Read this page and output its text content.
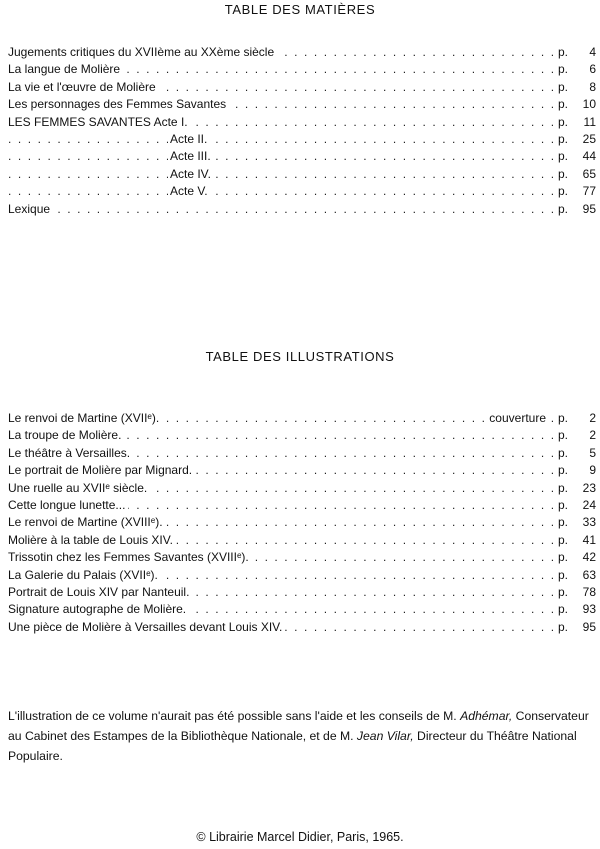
TABLE DES MATIÈRES
. . .
Jugements critiques du XVIIème au XXème siècle	p. 4
. . .
La langue de Molière	p. 6
. . .
La vie et l'œuvre de Molière	p. 8
. . .
Les personnages des Femmes Savantes	p. 10
. . .
LES FEMMES SAVANTES Acte I.	p. 11
. . .
Acte II.	p. 25
. . .
Acte III.	p. 44
. . .
Acte IV.	p. 65
. . .
Acte V.	p. 77
. . .
Lexique	p. 95
TABLE DES ILLUSTRATIONS
. . .
Le renvoi de Martine (XVIIᵉ).	couverture	p. 2
. . .
La troupe de Molière.	p. 2
. . .
Le théâtre à Versailles.	p. 5
. . .
Le portrait de Molière par Mignard.	p. 9
. . .
Une ruelle au XVIIᵉ siècle.	p. 23
. . .
Cette longue lunette...	p. 24
. . .
Le renvoi de Martine (XVIIIᵉ).	p. 33
. . .
Molière à la table de Louis XIV.	p. 41
. . .
Trissotin chez les Femmes Savantes (XVIIIᵉ).	p. 42
. . .
La Galerie du Palais (XVIIᵉ).	p. 63
. . .
Portrait de Louis XIV par Nanteuil.	p. 78
. . .
Signature autographe de Molière.	p. 93
. . .
Une pièce de Molière à Versailles devant Louis XIV.	p. 95
L'illustration de ce volume n'aurait pas été possible sans l'aide et les conseils de M. Adhémar, Conservateur au Cabinet des Estampes de la Bibliothèque Nationale, et de M. Jean Vilar, Directeur du Théâtre National Populaire.
© Librairie Marcel Didier, Paris, 1965.
